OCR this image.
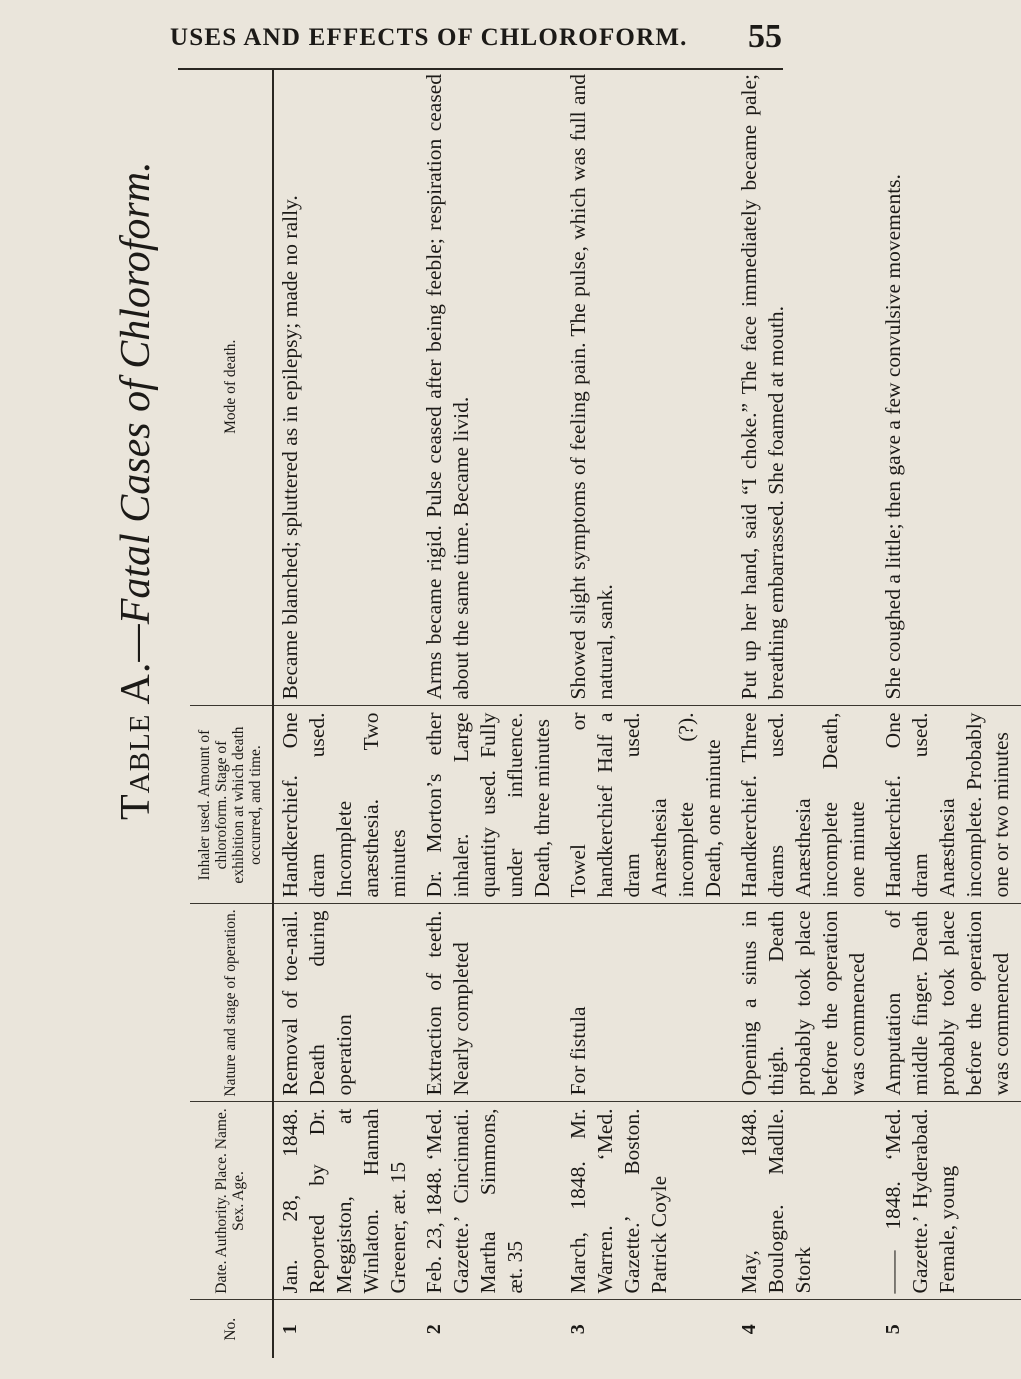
USES AND EFFECTS OF CHLOROFORM. 55
Table A.—Fatal Cases of Chloroform.
No.	Date. Authority. Place. Name. Sex. Age.	Nature and stage of operation.	Inhaler used. Amount of chloroform. Stage of exhibition at which death occurred, and time.	Mode of death.
1	Jan. 28, 1848. Reported by Dr. Meggiston, at Winlaton. Hannah Greener, æt. 15	Removal of toe-nail. Death during operation	Handkerchief. One dram used. Incomplete anæsthesia. Two minutes	Became blanched; spluttered as in epilepsy; made no rally.
2	Feb. 23, 1848. ‘Med. Gazette.’ Cincinnati. Martha Simmons, æt. 35	Extraction of teeth. Nearly completed	Dr. Morton’s ether inhaler. Large quantity used. Fully under influence. Death, three minutes	Arms became rigid. Pulse ceased after being feeble; respiration ceased about the same time. Became livid.
3	March, 1848. Mr. Warren. ‘Med. Gazette.’ Boston. Patrick Coyle	For fistula	Towel or handkerchief Half a dram used. Anæsthesia incomplete (?). Death, one minute	Showed slight symptoms of feeling pain. The pulse, which was full and natural, sank.
4	May, 1848. Boulogne. Madlle. Stork	Opening a sinus in thigh. Death probably took place before the operation was commenced	Handkerchief. Three drams used. Anæsthesia incomplete Death, one minute	Put up her hand, said “I choke.” The face immediately became pale; breathing embarrassed. She foamed at mouth.
5	—— 1848. ‘Med. Gazette.’ Hyderabad. Female, young	Amputation of middle finger. Death probably took place before the operation was commenced	Handkerchief. One dram used. Anæsthesia incomplete. Probably one or two minutes	She coughed a little; then gave a few convulsive movements.
